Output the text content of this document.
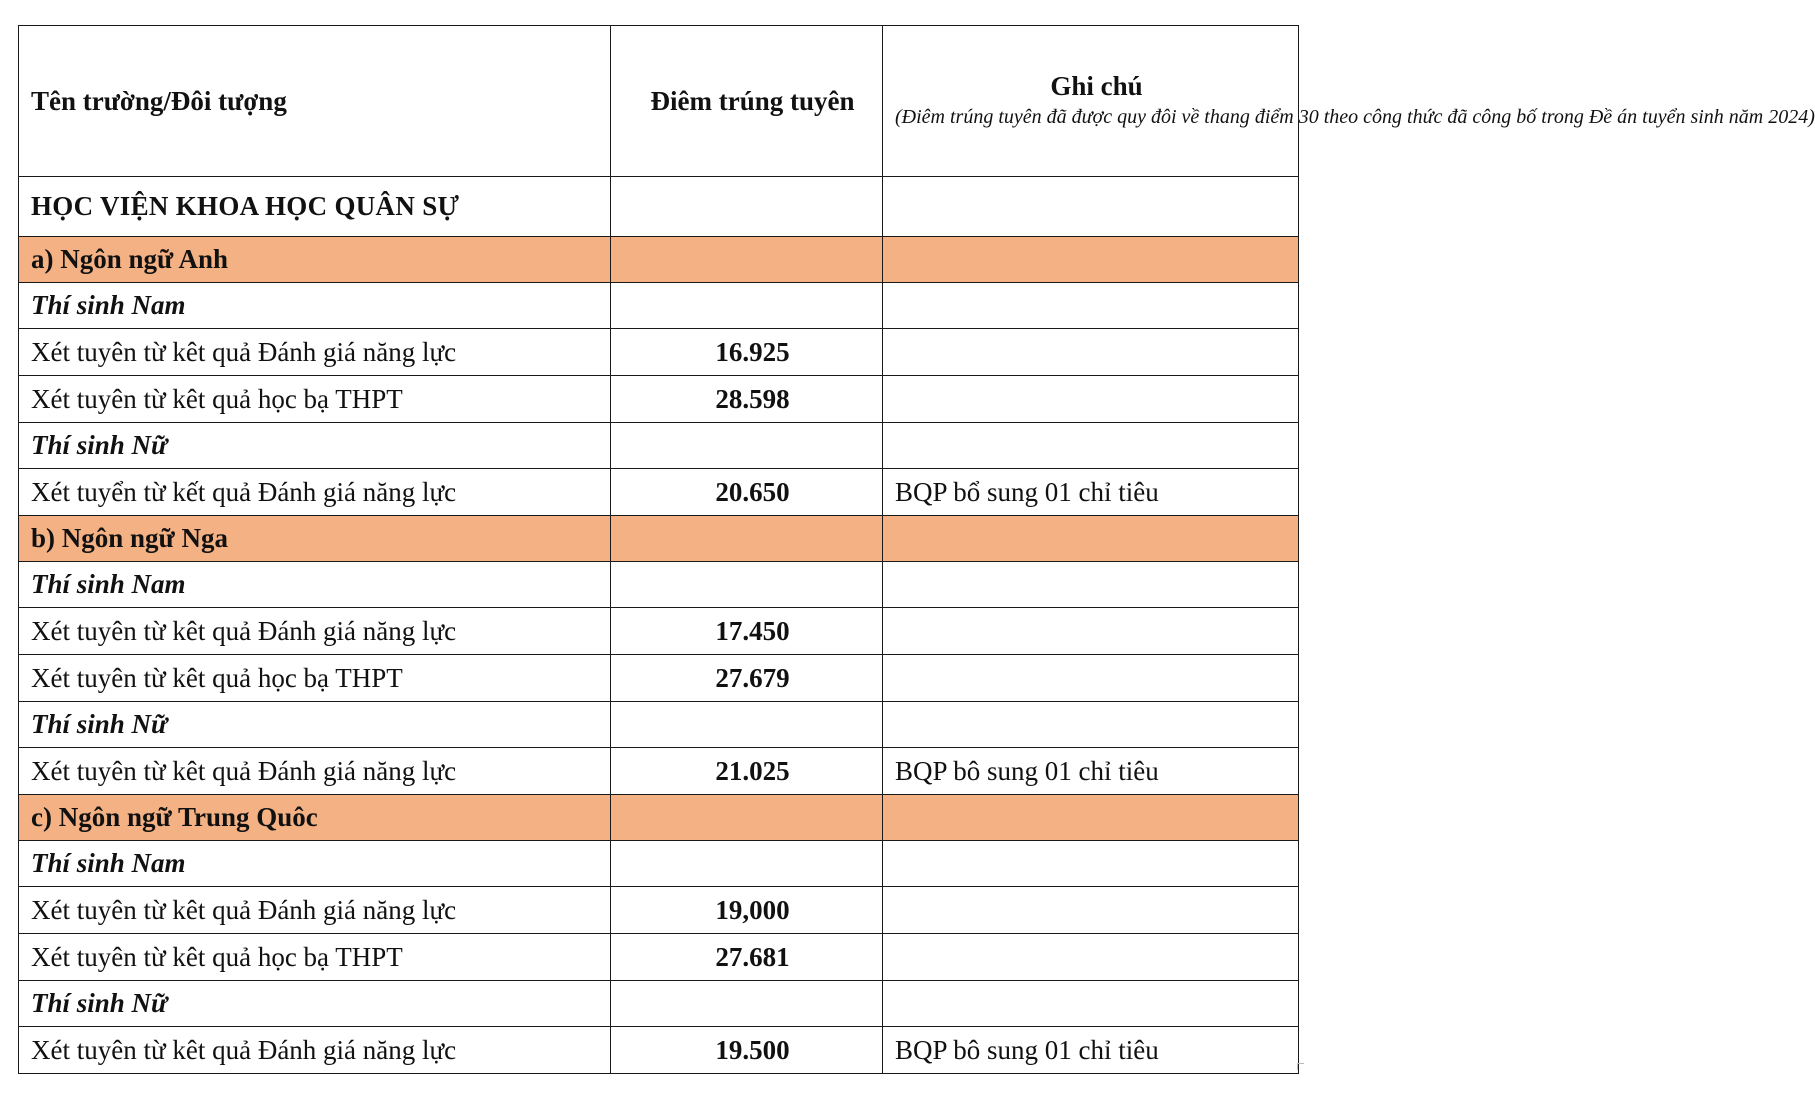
Tên trường/Đôi tượng	Điêm trúng tuyên	Ghi chú
(Điêm trúng tuyên đã được quy đôi về thang điểm 30 theo công thức đã công bố trong Đề án tuyển sinh năm 2024)

HỌC VIỆN KHOA HỌC QUÂN SỰ		
a) Ngôn ngữ Anh		
Thí sinh Nam		
Xét tuyên từ kêt quả Đánh giá năng lực	16.925	
Xét tuyên từ kêt quả học bạ THPT	28.598	
Thí sinh Nữ		
Xét tuyển từ kết quả Đánh giá năng lực	20.650	BQP bổ sung 01 chỉ tiêu
b) Ngôn ngữ Nga		
Thí sinh Nam		
Xét tuyên từ kêt quả Đánh giá năng lực	17.450	
Xét tuyên từ kêt quả học bạ THPT	27.679	
Thí sinh Nữ		
Xét tuyên từ kêt quả Đánh giá năng lực	21.025	BQP bô sung 01 chỉ tiêu
c) Ngôn ngữ Trung Quôc		
Thí sinh Nam		
Xét tuyên từ kêt quả Đánh giá năng lực	19,000	
Xét tuyên từ kêt quả học bạ THPT	27.681	
Thí sinh Nữ		
Xét tuyên từ kêt quả Đánh giá năng lực	19.500	BQP bô sung 01 chỉ tiêu
